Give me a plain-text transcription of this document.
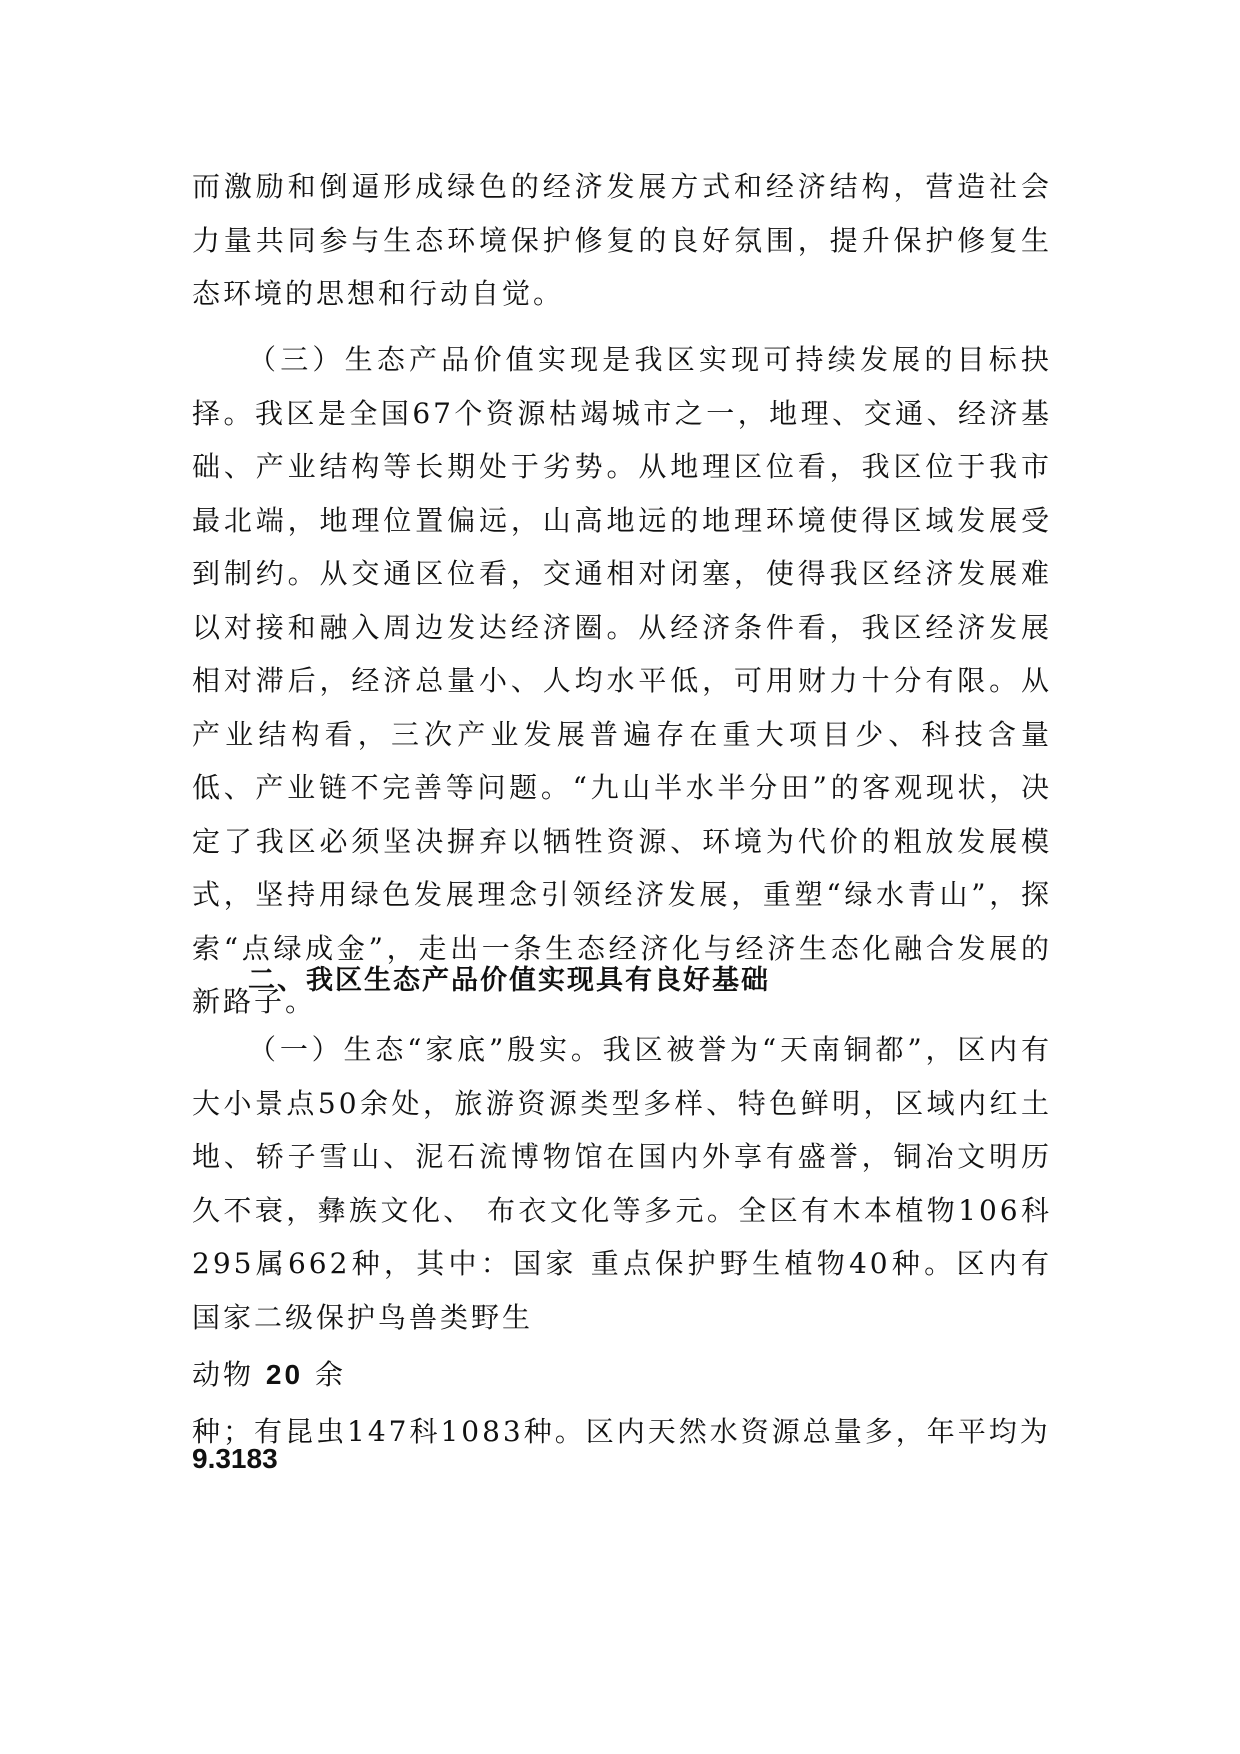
而激励和倒逼形成绿色的经济发展方式和经济结构，营造社会力量共同参与生态环境保护修复的良好氛围，提升保护修复生态环境的思想和行动自觉。

（三）生态产品价值实现是我区实现可持续发展的目标抉择。我区是全国67个资源枯竭城市之一，地理、交通、经济基础、产业结构等长期处于劣势。从地理区位看，我区位于我市最北端，地理位置偏远，山高地远的地理环境使得区域发展受到制约。从交通区位看，交通相对闭塞，使得我区经济发展难以对接和融入周边发达经济圈。从经济条件看，我区经济发展相对滞后，经济总量小、人均水平低，可用财力十分有限。从产业结构看，三次产业发展普遍存在重大项目少、科技含量低、产业链不完善等问题。“九山半水半分田”的客观现状，决定了我区必须坚决摒弃以牺牲资源、环境为代价的粗放发展模式，坚持用绿色发展理念引领经济发展，重塑“绿水青山”，探索“点绿成金”，走出一条生态经济化与经济生态化融合发展的新路子。

二、我区生态产品价值实现具有良好基础

（一）生态“家底”殷实。我区被誉为“天南铜都”，区内有大小景点50余处，旅游资源类型多样、特色鲜明，区域内红土地、轿子雪山、泥石流博物馆在国内外享有盛誉，铜冶文明历久不衰，彝族文化、 布衣文化等多元。全区有木本植物106科295属662种，其中：国家 重点保护野生植物40种。区内有国家二级保护鸟兽类野生

动物 20 余

种；有昆虫147科1083种。区内天然水资源总量多，年平均为

9.3183
